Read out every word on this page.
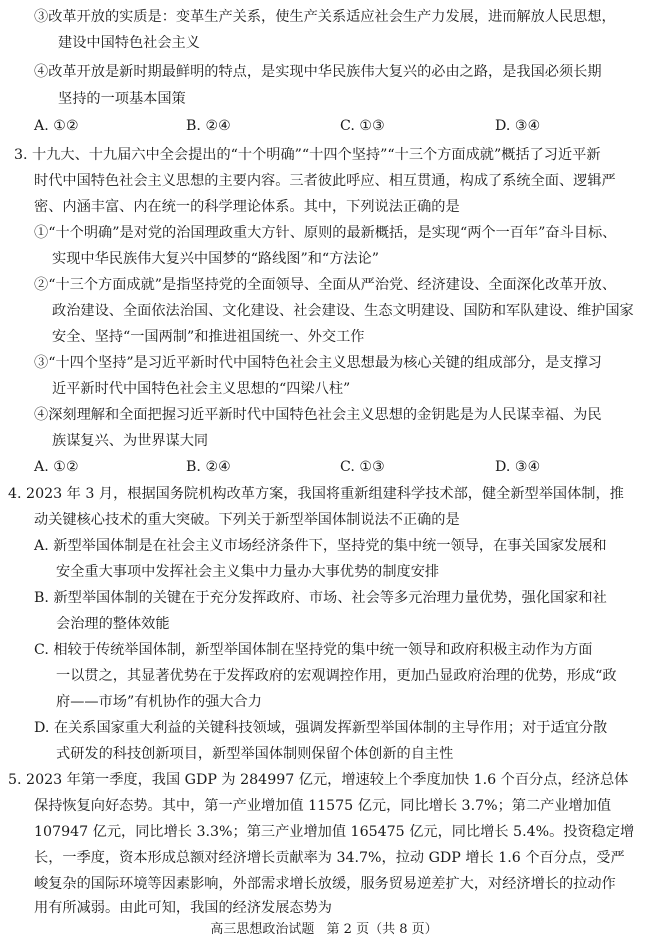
③改革开放的实质是：变革生产关系，使生产关系适应社会生产力发展，进而解放人民思想，
建设中国特色社会主义
④改革开放是新时期最鲜明的特点，是实现中华民族伟大复兴的必由之路，是我国必须长期
坚持的一项基本国策
A. ①②	B. ②④	C. ①③	D. ③④
3. 十九大、十九届六中全会提出的“十个明确”“十四个坚持”“十三个方面成就”概括了习近平新
时代中国特色社会主义思想的主要内容。三者彼此呼应、相互贯通，构成了系统全面、逻辑严
密、内涵丰富、内在统一的科学理论体系。其中，下列说法正确的是
①“十个明确”是对党的治国理政重大方针、原则的最新概括，是实现“两个一百年”奋斗目标、
实现中华民族伟大复兴中国梦的“路线图”和“方法论”
②“十三个方面成就”是指坚持党的全面领导、全面从严治党、经济建设、全面深化改革开放、
政治建设、全面依法治国、文化建设、社会建设、生态文明建设、国防和军队建设、维护国家
安全、坚持“一国两制”和推进祖国统一、外交工作
③“十四个坚持”是习近平新时代中国特色社会主义思想最为核心关键的组成部分，是支撑习
近平新时代中国特色社会主义思想的“四梁八柱”
④深刻理解和全面把握习近平新时代中国特色社会主义思想的金钥匙是为人民谋幸福、为民
族谋复兴、为世界谋大同
A. ①②	B. ②④	C. ①③	D. ③④
4. 2023 年 3 月，根据国务院机构改革方案，我国将重新组建科学技术部，健全新型举国体制，推
动关键核心技术的重大突破。下列关于新型举国体制说法不正确的是
A. 新型举国体制是在社会主义市场经济条件下，坚持党的集中统一领导，在事关国家发展和
安全重大事项中发挥社会主义集中力量办大事优势的制度安排
B. 新型举国体制的关键在于充分发挥政府、市场、社会等多元治理力量优势，强化国家和社
会治理的整体效能
C. 相较于传统举国体制，新型举国体制在坚持党的集中统一领导和政府积极主动作为方面
一以贯之，其显著优势在于发挥政府的宏观调控作用，更加凸显政府治理的优势，形成“政
府——市场”有机协作的强大合力
D. 在关系国家重大利益的关键科技领域，强调发挥新型举国体制的主导作用；对于适宜分散
式研发的科技创新项目，新型举国体制则保留个体创新的自主性
5. 2023 年第一季度，我国 GDP 为 284997 亿元，增速较上个季度加快 1.6 个百分点，经济总体
保持恢复向好态势。其中，第一产业增加值 11575 亿元，同比增长 3.7%；第二产业增加值
107947 亿元，同比增长 3.3%；第三产业增加值 165475 亿元，同比增长 5.4%。投资稳定增
长，一季度，资本形成总额对经济增长贡献率为 34.7%，拉动 GDP 增长 1.6 个百分点，受严
峻复杂的国际环境等因素影响，外部需求增长放缓，服务贸易逆差扩大，对经济增长的拉动作
用有所减弱。由此可知，我国的经济发展态势为
高三思想政治试题 第 2 页（共 8 页）
